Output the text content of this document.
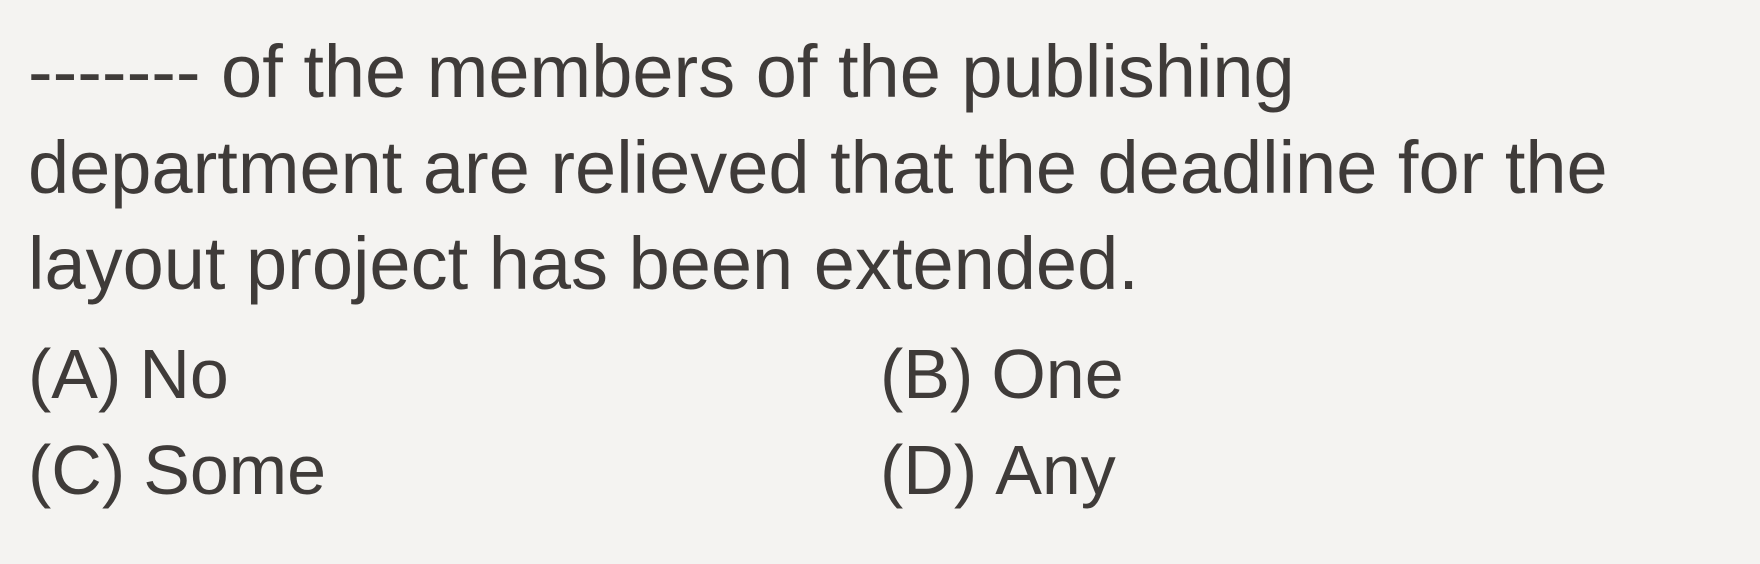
------- of the members of the publishing
department are relieved that the deadline for the
layout project has been extended.
(A) No	(B) One
(C) Some	(D) Any
